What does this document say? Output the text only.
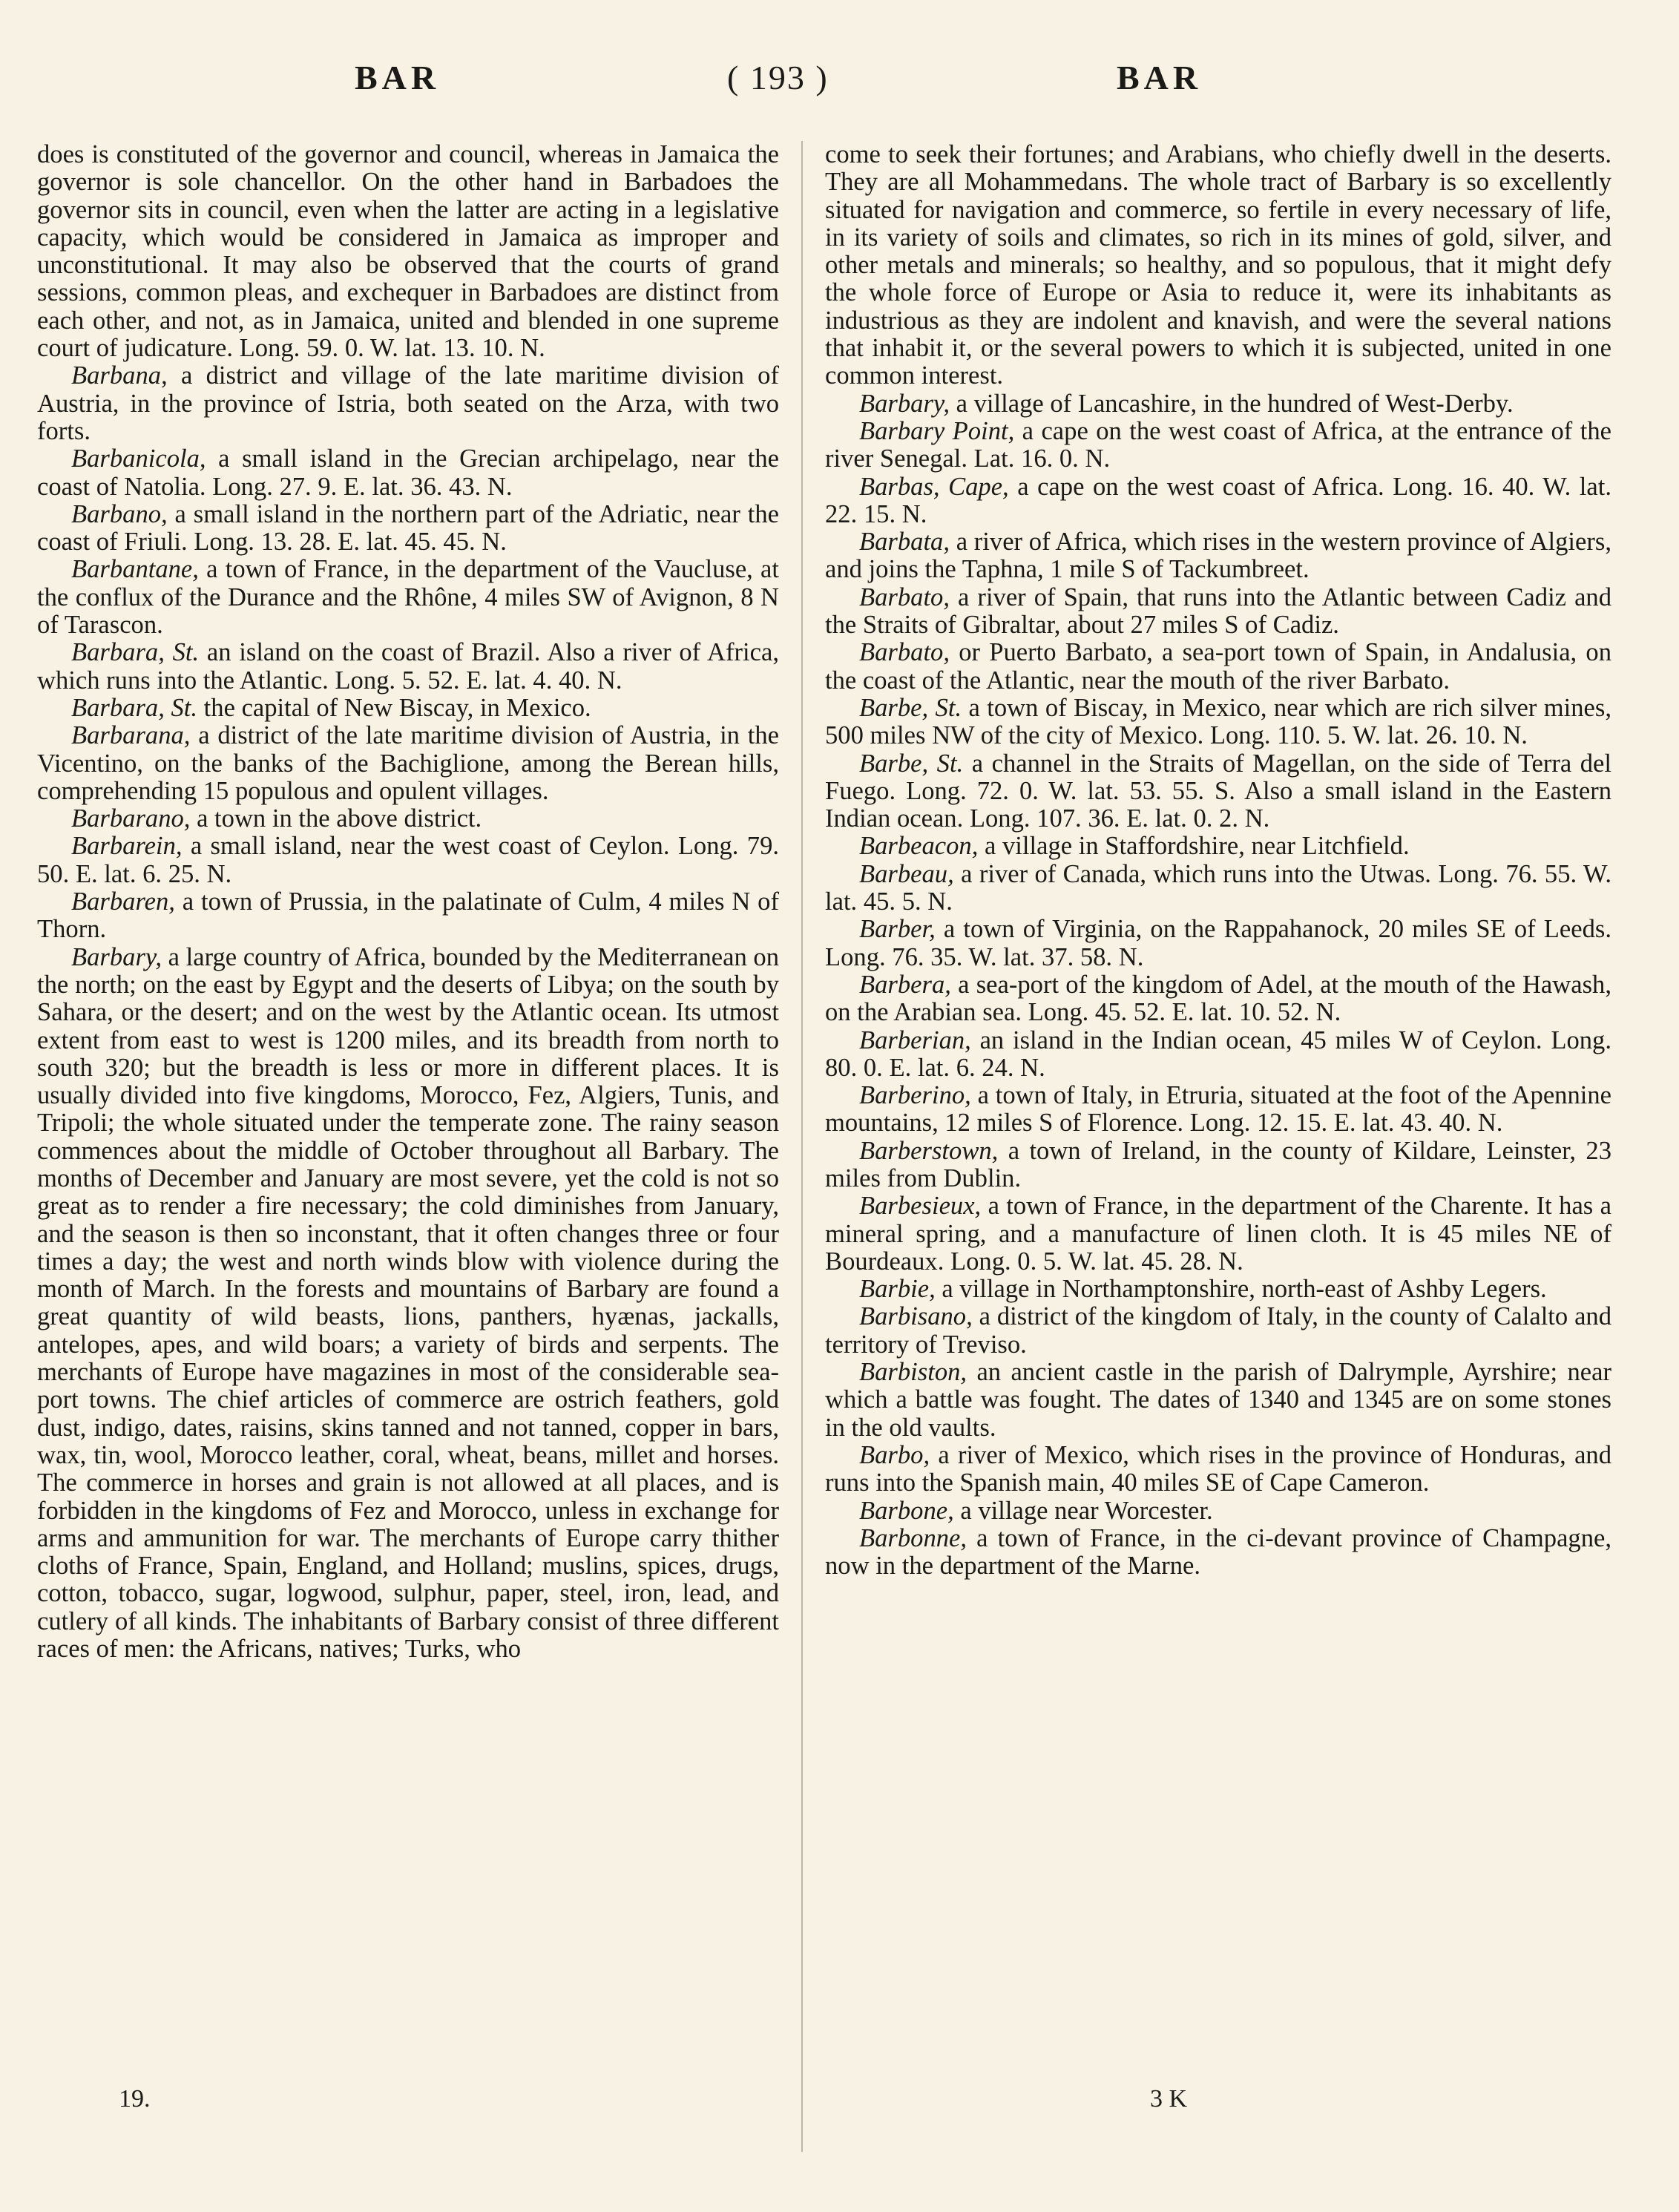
BAR	( 193 )	BAR

does is constituted of the governor and council, whereas in Jamaica the governor is sole chancellor. On the other hand in Barbadoes the governor sits in council, even when the latter are acting in a legislative capacity, which would be considered in Jamaica as improper and unconstitutional. It may also be observed that the courts of grand sessions, common pleas, and exchequer in Barbadoes are distinct from each other, and not, as in Jamaica, united and blended in one supreme court of judicature. Long. 59. 0. W. lat. 13. 10. N.

Barbana, a district and village of the late maritime division of Austria, in the province of Istria, both seated on the Arza, with two forts.

Barbanicola, a small island in the Grecian archipelago, near the coast of Natolia. Long. 27. 9. E. lat. 36. 43. N.

Barbano, a small island in the northern part of the Adriatic, near the coast of Friuli. Long. 13. 28. E. lat. 45. 45. N.

Barbantane, a town of France, in the department of the Vaucluse, at the conflux of the Durance and the Rhône, 4 miles SW of Avignon, 8 N of Tarascon.

Barbara, St. an island on the coast of Brazil. Also a river of Africa, which runs into the Atlantic. Long. 5. 52. E. lat. 4. 40. N.

Barbara, St. the capital of New Biscay, in Mexico.

Barbarana, a district of the late maritime division of Austria, in the Vicentino, on the banks of the Bachiglione, among the Berean hills, comprehending 15 populous and opulent villages.

Barbarano, a town in the above district.

Barbarein, a small island, near the west coast of Ceylon. Long. 79. 50. E. lat. 6. 25. N.

Barbaren, a town of Prussia, in the palatinate of Culm, 4 miles N of Thorn.

Barbary, a large country of Africa, bounded by the Mediterranean on the north; on the east by Egypt and the deserts of Libya; on the south by Sahara, or the desert; and on the west by the Atlantic ocean. Its utmost extent from east to west is 1200 miles, and its breadth from north to south 320; but the breadth is less or more in different places. It is usually divided into five kingdoms, Morocco, Fez, Algiers, Tunis, and Tripoli; the whole situated under the temperate zone. The rainy season commences about the middle of October throughout all Barbary. The months of December and January are most severe, yet the cold is not so great as to render a fire necessary; the cold diminishes from January, and the season is then so inconstant, that it often changes three or four times a day; the west and north winds blow with violence during the month of March. In the forests and mountains of Barbary are found a great quantity of wild beasts, lions, panthers, hyænas, jackalls, antelopes, apes, and wild boars; a variety of birds and serpents. The merchants of Europe have magazines in most of the considerable sea-port towns. The chief articles of commerce are ostrich feathers, gold dust, indigo, dates, raisins, skins tanned and not tanned, copper in bars, wax, tin, wool, Morocco leather, coral, wheat, beans, millet and horses. The commerce in horses and grain is not allowed at all places, and is forbidden in the kingdoms of Fez and Morocco, unless in exchange for arms and ammunition for war. The merchants of Europe carry thither cloths of France, Spain, England, and Holland; muslins, spices, drugs, cotton, tobacco, sugar, logwood, sulphur, paper, steel, iron, lead, and cutlery of all kinds. The inhabitants of Barbary consist of three different races of men: the Africans, natives; Turks, who

come to seek their fortunes; and Arabians, who chiefly dwell in the deserts. They are all Mohammedans. The whole tract of Barbary is so excellently situated for navigation and commerce, so fertile in every necessary of life, in its variety of soils and climates, so rich in its mines of gold, silver, and other metals and minerals; so healthy, and so populous, that it might defy the whole force of Europe or Asia to reduce it, were its inhabitants as industrious as they are indolent and knavish, and were the several nations that inhabit it, or the several powers to which it is subjected, united in one common interest.

Barbary, a village of Lancashire, in the hundred of West-Derby.

Barbary Point, a cape on the west coast of Africa, at the entrance of the river Senegal. Lat. 16. 0. N.

Barbas, Cape, a cape on the west coast of Africa. Long. 16. 40. W. lat. 22. 15. N.

Barbata, a river of Africa, which rises in the western province of Algiers, and joins the Taphna, 1 mile S of Tackumbreet.

Barbato, a river of Spain, that runs into the Atlantic between Cadiz and the Straits of Gibraltar, about 27 miles S of Cadiz.

Barbato, or Puerto Barbato, a sea-port town of Spain, in Andalusia, on the coast of the Atlantic, near the mouth of the river Barbato.

Barbe, St. a town of Biscay, in Mexico, near which are rich silver mines, 500 miles NW of the city of Mexico. Long. 110. 5. W. lat. 26. 10. N.

Barbe, St. a channel in the Straits of Magellan, on the side of Terra del Fuego. Long. 72. 0. W. lat. 53. 55. S. Also a small island in the Eastern Indian ocean. Long. 107. 36. E. lat. 0. 2. N.

Barbeacon, a village in Staffordshire, near Litchfield.

Barbeau, a river of Canada, which runs into the Utwas. Long. 76. 55. W. lat. 45. 5. N.

Barber, a town of Virginia, on the Rappahanock, 20 miles SE of Leeds. Long. 76. 35. W. lat. 37. 58. N.

Barbera, a sea-port of the kingdom of Adel, at the mouth of the Hawash, on the Arabian sea. Long. 45. 52. E. lat. 10. 52. N.

Barberian, an island in the Indian ocean, 45 miles W of Ceylon. Long. 80. 0. E. lat. 6. 24. N.

Barberino, a town of Italy, in Etruria, situated at the foot of the Apennine mountains, 12 miles S of Florence. Long. 12. 15. E. lat. 43. 40. N.

Barberstown, a town of Ireland, in the county of Kildare, Leinster, 23 miles from Dublin.

Barbesieux, a town of France, in the department of the Charente. It has a mineral spring, and a manufacture of linen cloth. It is 45 miles NE of Bourdeaux. Long. 0. 5. W. lat. 45. 28. N.

Barbie, a village in Northamptonshire, north-east of Ashby Legers.

Barbisano, a district of the kingdom of Italy, in the county of Calalto and territory of Treviso.

Barbiston, an ancient castle in the parish of Dalrymple, Ayrshire; near which a battle was fought. The dates of 1340 and 1345 are on some stones in the old vaults.

Barbo, a river of Mexico, which rises in the province of Honduras, and runs into the Spanish main, 40 miles SE of Cape Cameron.

Barbone, a village near Worcester.

Barbonne, a town of France, in the ci-devant province of Champagne, now in the department of the Marne.

19.	3 K
